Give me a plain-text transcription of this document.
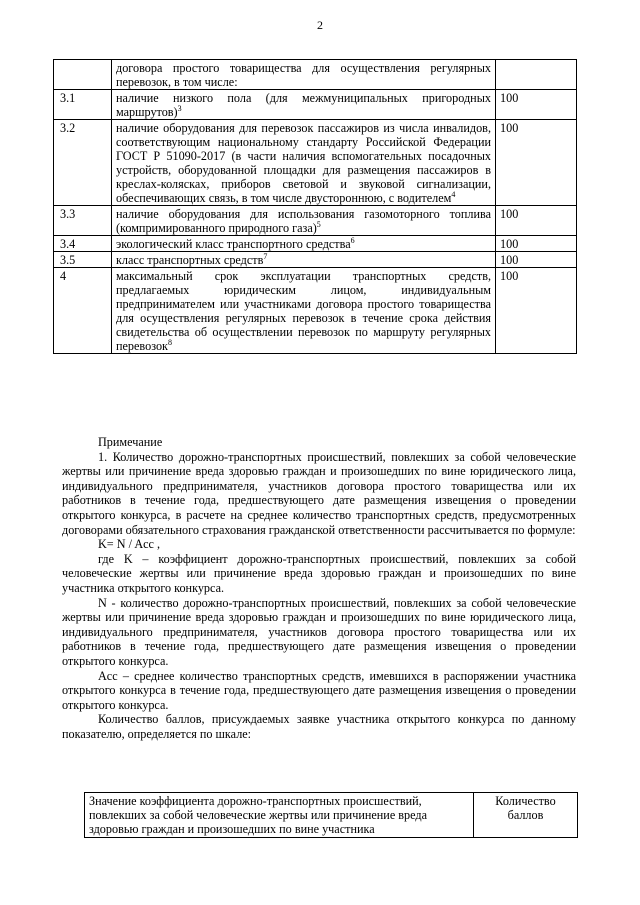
2
	договора простого товарищества для осуществления регулярных перевозок, в том числе:	
3.1	наличие низкого пола (для межмуниципальных пригородных маршрутов)$^3$	100
3.2	наличие оборудования для перевозок пассажиров из числа инвалидов, соответствующим национальному стандарту Российской Федерации ГОСТ Р 51090-2017 (в части наличия вспомогательных посадочных устройств, оборудованной площадки для размещения пассажиров в креслах-колясках, приборов световой и звуковой сигнализации, обеспечивающих связь, в том числе двустороннюю, с водителем$^4$	100
3.3	наличие оборудования для использования газомоторного топлива (компримированного природного газа)$^5$	100
3.4	экологический класс транспортного средства$^6$	100
3.5	класс транспортных средств$^7$	100
4	максимальный срок эксплуатации транспортных средств, предлагаемых юридическим лицом, индивидуальным предпринимателем или участниками договора простого товарищества для осуществления регулярных перевозок в течение срока действия свидетельства об осуществлении перевозок по маршруту регулярных перевозок$^8$	100

Примечание

1. Количество дорожно-транспортных происшествий, повлекших за собой человеческие жертвы или причинение вреда здоровью граждан и произошедших по вине юридического лица, индивидуального предпринимателя, участников договора простого товарищества или их работников в течение года, предшествующего дате размещения извещения о проведении открытого конкурса, в расчете на среднее количество транспортных средств, предусмотренных договорами обязательного страхования гражданской ответственности рассчитывается по формуле:

K= N / Acc ,

где K – коэффициент дорожно-транспортных происшествий, повлекших за собой человеческие жертвы или причинение вреда здоровью граждан и произошедших по вине участника открытого конкурса.

N - количество дорожно-транспортных происшествий, повлекших за собой человеческие жертвы или причинение вреда здоровью граждан и произошедших по вине юридического лица, индивидуального предпринимателя, участников договора простого товарищества или их работников в течение года, предшествующего дате размещения извещения о проведении открытого конкурса.

Acc – среднее количество транспортных средств, имевшихся в распоряжении участника открытого конкурса в течение года, предшествующего дате размещения извещения о проведении открытого конкурса.

Количество баллов, присуждаемых заявке участника открытого конкурса по данному показателю, определяется по шкале:

Значение коэффициента дорожно-транспортных происшествий, повлекших за собой человеческие жертвы или причинение вреда здоровью граждан и произошедших по вине участника	Количество баллов
